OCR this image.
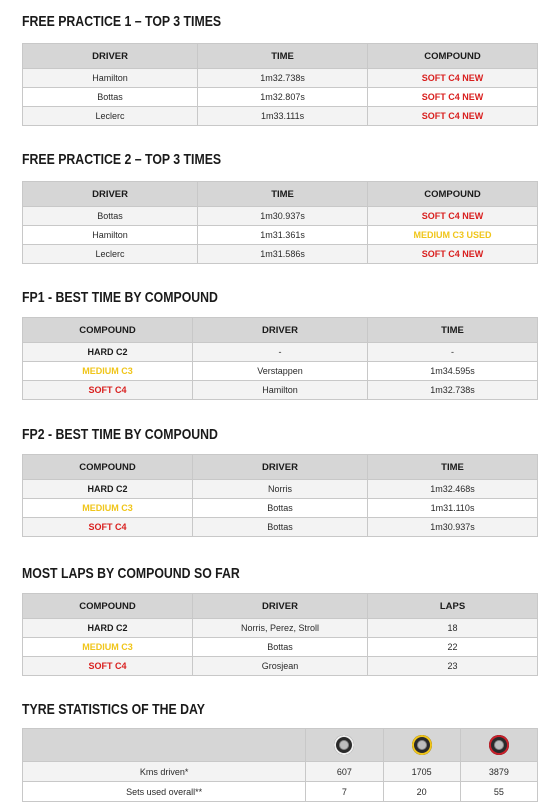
FREE PRACTICE 1 – TOP 3 TIMES
DRIVER	TIME	COMPOUND
Hamilton	1m32.738s	SOFT C4 NEW
Bottas	1m32.807s	SOFT C4 NEW
Leclerc	1m33.111s	SOFT C4 NEW
FREE PRACTICE 2 – TOP 3 TIMES
DRIVER	TIME	COMPOUND
Bottas	1m30.937s	SOFT C4 NEW
Hamilton	1m31.361s	MEDIUM C3 USED
Leclerc	1m31.586s	SOFT C4 NEW
FP1 - BEST TIME BY COMPOUND
COMPOUND	DRIVER	TIME
HARD C2	-	-
MEDIUM C3	Verstappen	1m34.595s
SOFT C4	Hamilton	1m32.738s
FP2 - BEST TIME BY COMPOUND
COMPOUND	DRIVER	TIME
HARD C2	Norris	1m32.468s
MEDIUM C3	Bottas	1m31.110s
SOFT C4	Bottas	1m30.937s
MOST LAPS BY COMPOUND SO FAR
COMPOUND	DRIVER	LAPS
HARD C2	Norris, Perez, Stroll	18
MEDIUM C3	Bottas	22
SOFT C4	Grosjean	23
TYRE STATISTICS OF THE DAY

Kms driven*	607	1705	3879
Sets used overall**	7	20	55
